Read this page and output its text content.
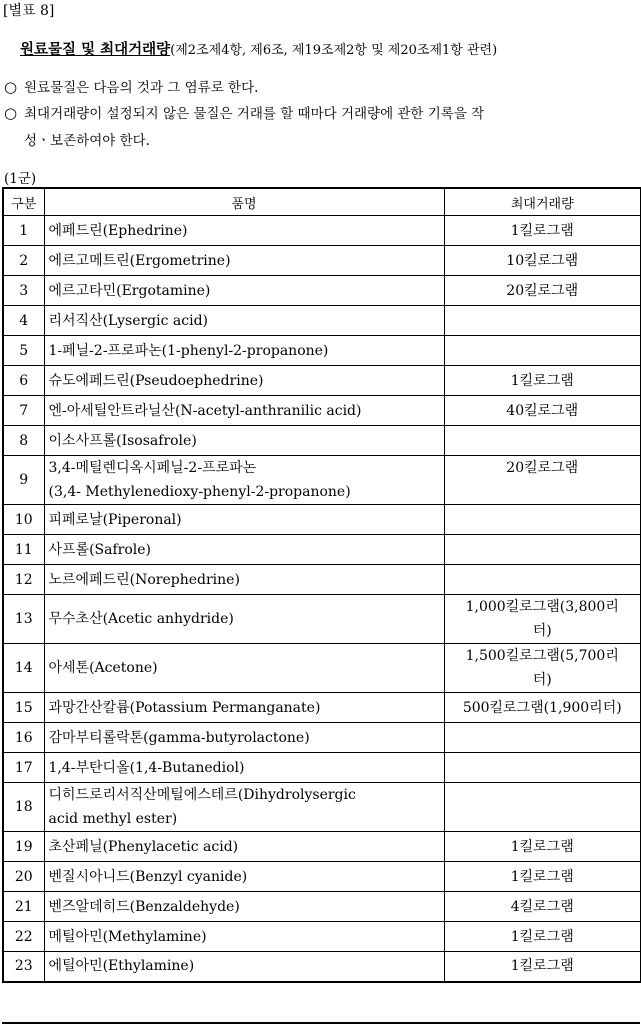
[별표 8]
원료물질 및 최대거래량(제2조제4항, 제6조, 제19조제2항 및 제20조제1항 관련)
○ 원료물질은 다음의 것과 그 염류로 한다.
○ 최대거래량이 설정되지 않은 물질은 거래를 할 때마다 거래량에 관한 기록을 작
성ㆍ보존하여야 한다.
(1군)
구분	품명	최대거래량
1	에페드린(Ephedrine)	1킬로그램

2	에르고메트린(Ergometrine)	10킬로그램

3	에르고타민(Ergotamine)	20킬로그램

4	리서직산(Lysergic acid)	

5	1-페닐-2-프로파논(1-phenyl-2-propanone)	

6	슈도에페드린(Pseudoephedrine)	1킬로그램

7	엔-아세틸안트라닐산(N-acetyl-anthranilic acid)	40킬로그램

8	이소사프롤(Isosafrole)	

9	3,4-메틸렌디옥시페닐-2-프로파논
(3,4- Methylenedioxy-phenyl-2-propanone)	20킬로그램

10	피페로날(Piperonal)	

11	사프롤(Safrole)	

12	노르에페드린(Norephedrine)	

13	무수초산(Acetic anhydride)	1,000킬로그램(3,800리
터)

14	아세톤(Acetone)	1,500킬로그램(5,700리
터)

15	과망간산칼륨(Potassium Permanganate)	500킬로그램(1,900리터)

16	감마부티롤락톤(gamma-butyrolactone)	

17	1,4-부탄디올(1,4-Butanediol)	

18	디히드로리서직산메틸에스테르(Dihydrolysergic
acid methyl ester)	

19	초산페닐(Phenylacetic acid)	1킬로그램

20	벤질시아니드(Benzyl cyanide)	1킬로그램

21	벤즈알데히드(Benzaldehyde)	4킬로그램

22	메틸아민(Methylamine)	1킬로그램

23	에틸아민(Ethylamine)	1킬로그램
